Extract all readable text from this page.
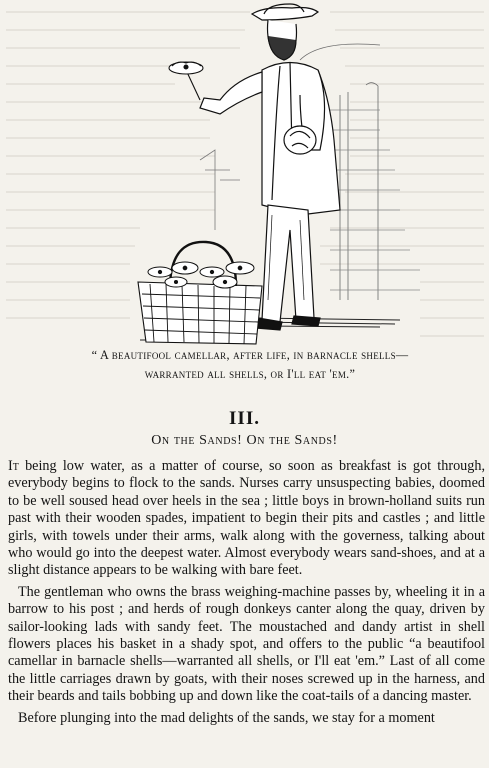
“ A beautifool camellar, after life, in barnacle shells—
warranted all shells, or I'll eat 'em.”
III.
On the Sands! On the Sands!

It being low water, as a matter of course, so soon as breakfast is got through, everybody begins to flock to the sands. Nurses carry unsuspecting babies, doomed to be well soused head over heels in the sea ; little boys in brown-holland suits run past with their wooden spades, impatient to begin their pits and castles ; and little girls, with towels under their arms, walk along with the governess, talking about who would go into the deepest water. Almost everybody wears sand-shoes, and at a slight distance appears to be walking with bare feet.

The gentleman who owns the brass weighing-machine passes by, wheeling it in a barrow to his post ; and herds of rough donkeys canter along the quay, driven by sailor-looking lads with sandy feet. The moustached and dandy artist in shell flowers places his basket in a shady spot, and offers to the public “a beautifool camellar in barnacle shells—warranted all shells, or I'll eat 'em.” Last of all come the little carriages drawn by goats, with their noses screwed up in the harness, and their beards and tails bobbing up and down like the coat-tails of a dancing master.

Before plunging into the mad delights of the sands, we stay for a moment
